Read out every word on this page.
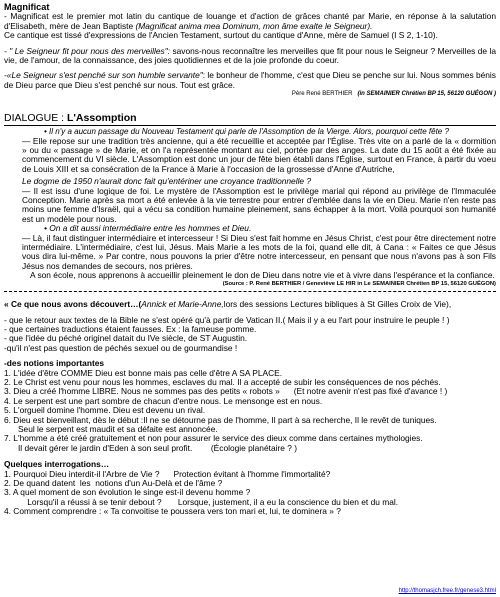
Magnificat

- Magnificat est le premier mot latin du cantique de louange et d'action de grâces chanté par Marie, en réponse à la salutation d'Elisabeth, mère de Jean Baptiste (Magnificat anima mea Dominum, mon âme exalte le Seigneur).

Ce cantique est tissé d'expressions de l'Ancien Testament, surtout du cantique d'Anne, mère de Samuel (I S 2, 1-10).

- " Le Seigneur fit pour nous des merveilles": savons-nous reconnaître les merveilles que fit pour nous le Seigneur ? Merveilles de la vie, de l'amour, de la connaissance, des joies quotidiennes et de la joie profonde du coeur.

-«Le Seigneur s'est penché sur son humble servante": le bonheur de l'homme, c'est que Dieu se penche sur lui. Nous sommes bénis de Dieu parce que Dieu s'est penché sur nous. Tout est grâce.

Père René BERTHIER (in SEMAINIER Chrétien BP 15, 56120 GUÉGON )

DIALOGUE : L'Assomption

• Il n'y a aucun passage du Nouveau Testament qui parle de l'Assomption de la Vierge. Alors, pourquoi cette fête ?

— Elle repose sur une tradition très ancienne, qui a été recueillie et acceptée par l'Église. Très vite on a parlé de la « dormition » ou du « passage » de Marie, et on l'a représentée montant au ciel, portée par des anges. La date du 15 août a été fixée au commencement du VI siècle. L'Assomption est donc un jour de fête bien établi dans l'Église, surtout en France, à partir du voeu de Louis XIII et sa consécration de la France à Marie à l'occasion de la grossesse d'Anne d'Autriche,

Le dogme de 1950 n'aurait donc fait qu'entériner une croyance traditionnelle ?

— Il est issu d'une logique de foi. Le mystère de l'Assomption est le privilège marial qui répond au privilège de l'Immaculée Conception. Marie après sa mort a été enlevée à la vie terrestre pour entrer d'emblée dans la vie en Dieu. Marie n'en reste pas moins une femme d'Israël, qui a vécu sa condition humaine pleinement, sans échapper à la mort. Voilà pourquoi son humanité est un modèle pour nous.

• On a dit aussi intermédiaire entre les hommes et Dieu.

— Là, il faut distinguer intermédiaire et intercesseur ! Si Dieu s'est fait homme en Jésus Christ, c'est pour être directement notre intermédiaire. L'intermédiaire, c'est lui, Jésus. Mais Marie a les mots de la foi, quand elle dit, à Cana : « Faites ce que Jésus vous dira lui-même. » Par contre, nous pouvons la prier d'être notre intercesseur, en pensant que nous n'avons pas à son Fils Jésus nos demandes de secours, nos prières.

A son école, nous apprenons à accueillir pleinement le don de Dieu dans notre vie et à vivre dans l'espérance et la confiance.

(Source : P. René BERTHIER / Geneviève LE HIR in Le SEMAINIER Chrétien BP 15, 56120 GUÉGON)

« Ce que nous avons découvert…(Annick et Marie-Anne,lors des sessions Lectures bibliques à St Gilles Croix de Vie),

- que le retour aux textes de la Bible ne s'est opéré qu'à partir de Vatican II.( Mais il y a eu l'art pour instruire le peuple ! )

- que certaines traductions étaient fausses. Ex : la fameuse pomme.

- que l'idée du péché originel datait du IVe siècle, de ST Augustin.

-qu'il n'est pas question de péchés sexuel ou de gourmandise !

-des notions importantes

1. L'idée d'être COMME Dieu est bonne mais pas celle d'être A SA PLACE.

2. Le Christ est venu pour nous les hommes, esclaves du mal. Il a accepté de subir les conséquences de nos péchés.

3. Dieu a créé l'homme LIBRE. Nous ne sommes pas des petits « robots »      (Et notre avenir n'est pas fixé d'avance ! )

4. Le serpent est une part sombre de chacun d'entre nous. Le mensonge est en nous.

5. L'orgueil domine l'homme. Dieu est devenu un rival.

6. Dieu est bienveillant, dès le début :Il ne se détourne pas de l'homme, Il part à sa recherche, Il le revêt de tuniques.

Seul le serpent est maudit et sa défaite est annoncée.

7. L'homme a été créé gratuitement et non pour assurer le service des dieux comme dans certaines mythologies.

Il devait gérer le jardin d'Eden à son seul profit.        (Écologie planétaire ? )

Quelques interrogations…

1. Pourquoi Dieu interdit-il l'Arbre de Vie ?      Protection évitant à l'homme l'immortalité?

2. De quand datent  les  notions d'un Au-Delà et de l'âme ?

3. A quel moment de son évolution le singe est-il devenu homme ?

Lorsqu'il a réussi à se tenir debout ?       Lorsque, justement, il a eu la conscience du bien et du mal.

4. Comment comprendre : « Ta convoitise te poussera vers ton mari et, lui, te dominera » ?

http://thomasjch.free.fr/genese3.html
